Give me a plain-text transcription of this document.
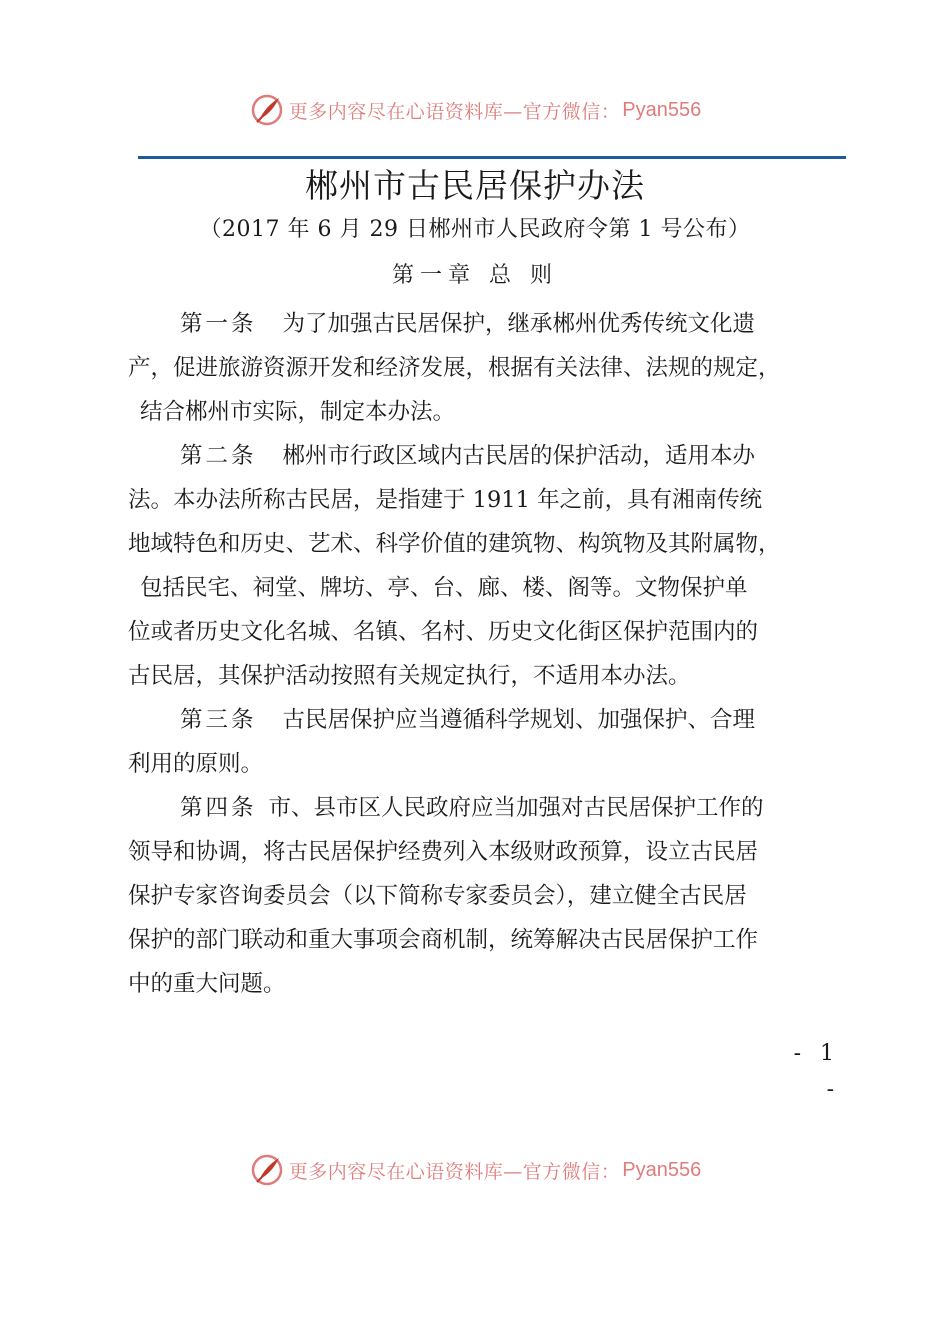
更多内容尽在心语资料库—官方微信： Pyan556
郴州市古民居保护办法
（2017 年 6 月 29 日郴州市人民政府令第 1 号公布）
第一章 总 则
第一条 为了加强古民居保护，继承郴州优秀传统文化遗
产，促进旅游资源开发和经济发展，根据有关法律、法规的规定，
结合郴州市实际，制定本办法。
第二条 郴州市行政区域内古民居的保护活动，适用本办
法。本办法所称古民居，是指建于 1911 年之前，具有湘南传统
地域特色和历史、艺术、科学价值的建筑物、构筑物及其附属物，
包括民宅、祠堂、牌坊、亭、台、廊、楼、阁等。文物保护单
位或者历史文化名城、名镇、名村、历史文化街区保护范围内的
古民居，其保护活动按照有关规定执行，不适用本办法。
第三条 古民居保护应当遵循科学规划、加强保护、合理
利用的原则。
第四条 市、县市区人民政府应当加强对古民居保护工作的
领导和协调，将古民居保护经费列入本级财政预算，设立古民居
保护专家咨询委员会（以下简称专家委员会），建立健全古民居
保护的部门联动和重大事项会商机制，统筹解决古民居保护工作
中的重大问题。
- 1 -
更多内容尽在心语资料库—官方微信： Pyan556
